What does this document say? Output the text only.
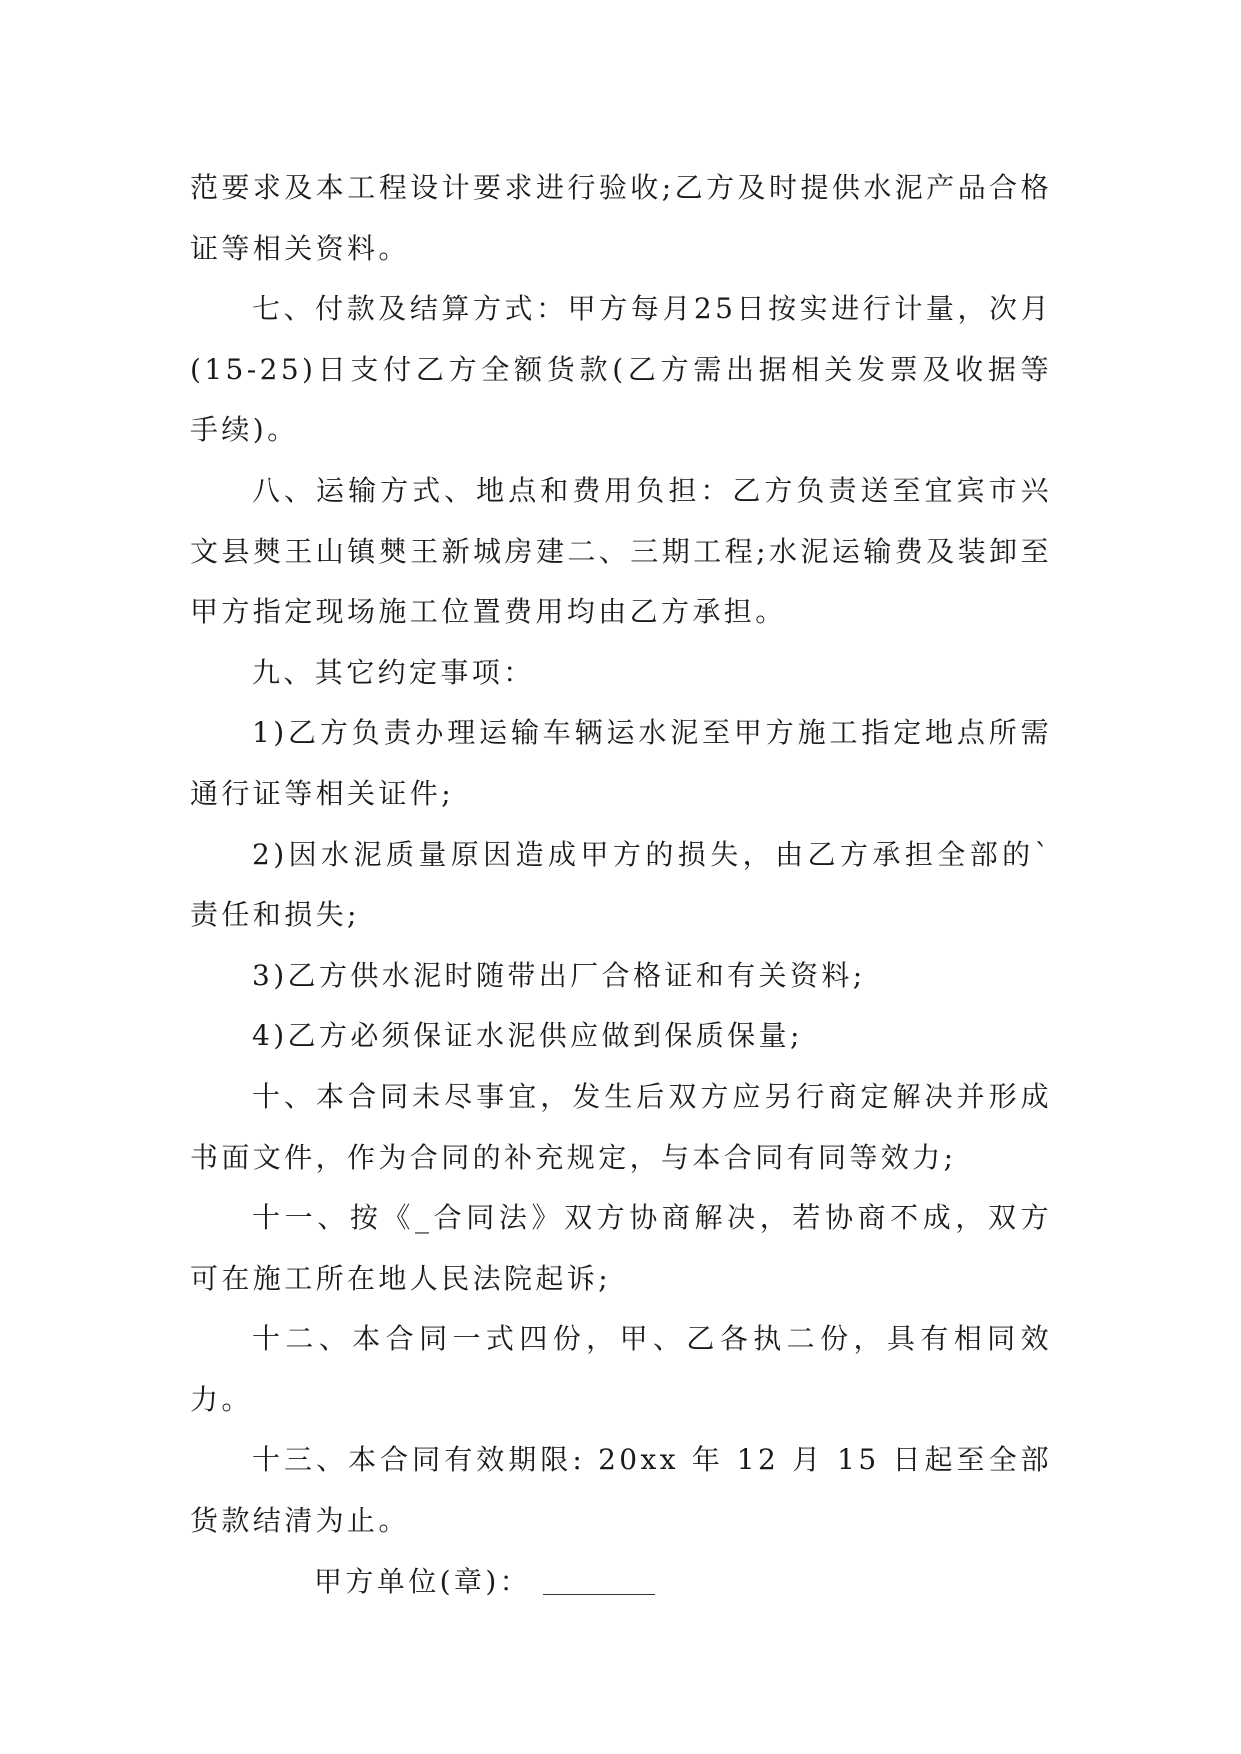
范要求及本工程设计要求进行验收;乙方及时提供水泥产品合格证等相关资料。

七、付款及结算方式：甲方每月25日按实进行计量，次月(15-25)日支付乙方全额货款(乙方需出据相关发票及收据等手续)。

八、运输方式、地点和费用负担：乙方负责送至宜宾市兴文县僰王山镇僰王新城房建二、三期工程;水泥运输费及装卸至甲方指定现场施工位置费用均由乙方承担。

九、其它约定事项：

1)乙方负责办理运输车辆运水泥至甲方施工指定地点所需通行证等相关证件;

2)因水泥质量原因造成甲方的损失，由乙方承担全部的`责任和损失;

3)乙方供水泥时随带出厂合格证和有关资料;

4)乙方必须保证水泥供应做到保质保量;

十、本合同未尽事宜，发生后双方应另行商定解决并形成书面文件，作为合同的补充规定，与本合同有同等效力;

十一、按《_合同法》双方协商解决，若协商不成，双方可在施工所在地人民法院起诉;

十二、本合同一式四份，甲、乙各执二份，具有相同效力。

十三、本合同有效期限: 20xx 年 12 月 15 日起至全部货款结清为止。

甲方单位(章)：
